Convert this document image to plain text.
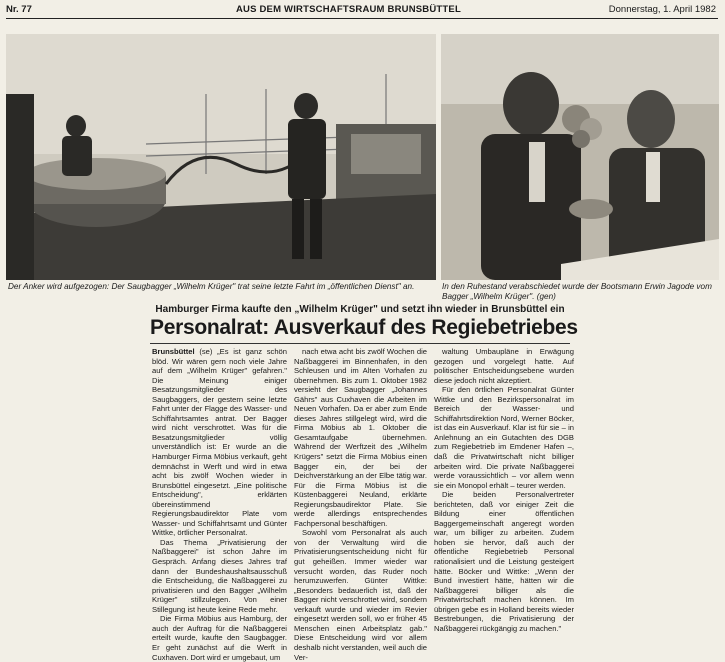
Nr. 77	AUS DEM WIRTSCHAFTSRAUM BRUNSBÜTTEL	Donnerstag, 1. April 1982
Der Anker wird aufgezogen: Der Saugbagger „Wilhelm Krüger" trat seine letzte Fahrt im „öffentlichen Dienst" an.	In den Ruhestand verabschiedet wurde der Bootsmann Erwin Jagode vom Bagger „Wilhelm Krüger". (gen)
Hamburger Firma kaufte den „Wilhelm Krüger" und setzt ihn wieder in Brunsbüttel ein
Personalrat: Ausverkauf des Regiebetriebes

Brunsbüttel (se) „Es ist ganz schön blöd. Wir wären gern noch viele Jahre auf dem „Wilhelm Krüger" gefahren." Die Meinung einiger Besatzungsmitglieder des Saugbaggers, der gestern seine letzte Fahrt unter der Flagge des Wasser- und Schiffahrtsamtes antrat. Der Bagger wird nicht verschrottet. Was für die Besatzungsmitglieder völlig unverständlich ist: Er wurde an die Hamburger Firma Möbius verkauft, geht demnächst in Werft und wird in etwa acht bis zwölf Wochen wieder in Brunsbüttel eingesetzt. „Eine politische Entscheidung", erklärten übereinstimmend Regierungsbaudirektor Plate vom Wasser- und Schiffahrtsamt und Günter Wittke, örtlicher Personalrat.

Das Thema „Privatisierung der Naßbaggerei" ist schon Jahre im Gespräch. Anfang dieses Jahres traf dann der Bundeshaushaltsausschuß die Entscheidung, die Naßbaggerei zu privatisieren und den Bagger „Wilhelm Krüger" stillzulegen. Von einer Stillegung ist heute keine Rede mehr.

Die Firma Möbius aus Hamburg, der auch der Auftrag für die Naßbaggerei erteilt wurde, kaufte den Saugbagger. Er geht zunächst auf die Werft in Cuxhaven. Dort wird er umgebaut, um

nach etwa acht bis zwölf Wochen die Naßbaggerei im Binnenhafen, in den Schleusen und im Alten Vorhafen zu übernehmen. Bis zum 1. Oktober 1982 versieht der Saugbagger „Johannes Gährs" aus Cuxhaven die Arbeiten im Neuen Vorhafen. Da er aber zum Ende dieses Jahres stillgelegt wird, wird die Firma Möbius ab 1. Oktober die Gesamtaufgabe übernehmen. Während der Werftzeit des „Wilhelm Krügers" setzt die Firma Möbius einen Bagger ein, der bei der Deichverstärkung an der Elbe tätig war. Für die Firma Möbius ist die Küstenbaggerei Neuland, erklärte Regierungsbaudirektor Plate. Sie werde allerdings entsprechendes Fachpersonal beschäftigen.

Sowohl vom Personalrat als auch von der Verwaltung wird die Privatisierungsentscheidung nicht für gut geheißen. Immer wieder war versucht worden, das Ruder noch herumzuwerfen. Günter Wittke: „Besonders bedauerlich ist, daß der Bagger nicht verschrottet wird, sondern verkauft wurde und wieder im Revier eingesetzt werden soll, wo er früher 45 Menschen einen Arbeitsplatz gab." Diese Entscheidung wird vor allem deshalb nicht verstanden, weil auch die Ver-

waltung Umbaupläne in Erwägung gezogen und vorgelegt hatte. Auf politischer Entscheidungsebene wurden diese jedoch nicht akzeptiert.

Für den örtlichen Personalrat Günter Wittke und den Bezirkspersonalrat im Bereich der Wasser- und Schiffahrtsdirektion Nord, Werner Böcker, ist das ein Ausverkauf. Klar ist für sie – in Anlehnung an ein Gutachten des DGB zum Regiebetrieb im Emdener Hafen –, daß die Privatwirtschaft nicht billiger arbeiten wird. Die private Naßbaggerei werde voraussichtlich – vor allem wenn sie ein Monopol erhält – teurer werden.

Die beiden Personalvertreter berichteten, daß vor einiger Zeit die Bildung einer öffentlichen Baggergemeinschaft angeregt worden war, um billiger zu arbeiten. Zudem hoben sie hervor, daß auch der öffentliche Regiebetrieb Personal rationalisiert und die Leistung gesteigert hätte. Böcker und Wittke: „Wenn der Bund investiert hätte, hätten wir die Naßbaggerei billiger als die Privatwirtschaft machen können. Im übrigen gebe es in Holland bereits wieder Bestrebungen, die Privatisierung der Naßbaggerei rückgängig zu machen."
